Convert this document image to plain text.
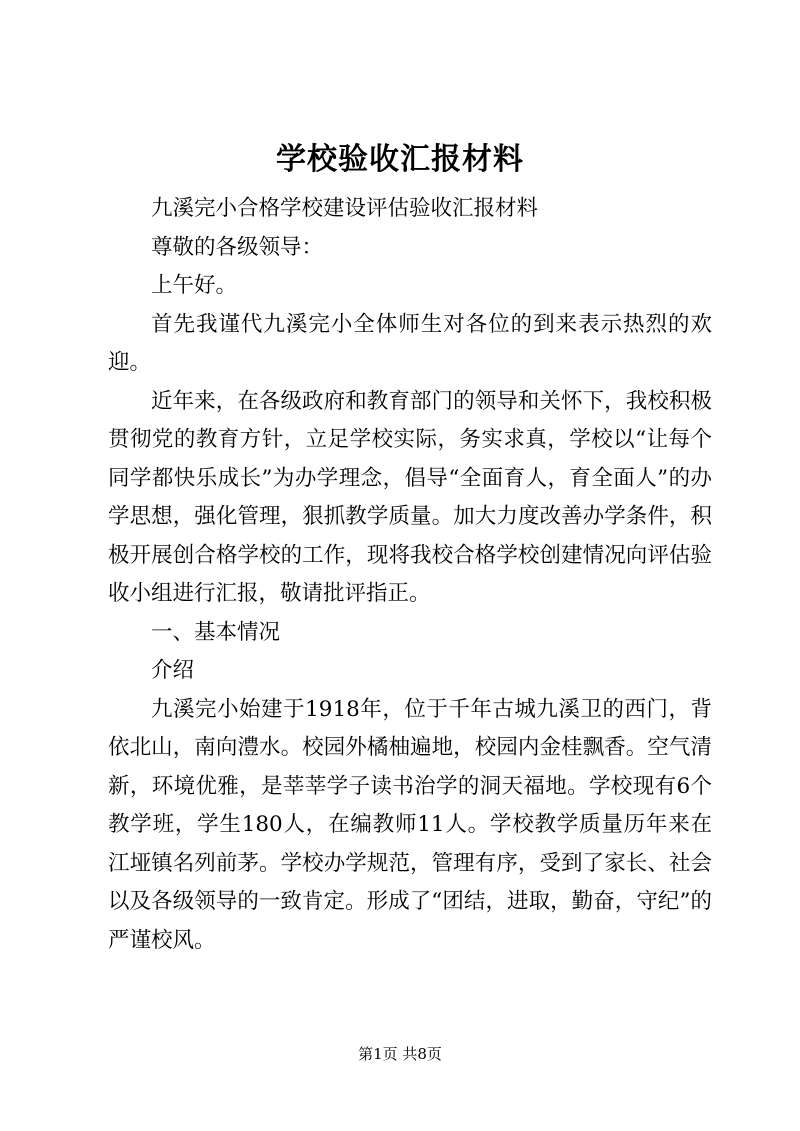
学校验收汇报材料

九溪完小合格学校建设评估验收汇报材料

尊敬的各级领导：

上午好。

首先我谨代九溪完小全体师生对各位的到来表示热烈的欢迎。

近年来，在各级政府和教育部门的领导和关怀下，我校积极贯彻党的教育方针，立足学校实际，务实求真，学校以“让每个同学都快乐成长”为办学理念，倡导“全面育人，育全面人”的办学思想，强化管理，狠抓教学质量。加大力度改善办学条件，积极开展创合格学校的工作，现将我校合格学校创建情况向评估验收小组进行汇报，敬请批评指正。

一、基本情况

介绍

九溪完小始建于1918年，位于千年古城九溪卫的西门，背依北山，南向澧水。校园外橘柚遍地，校园内金桂飘香。空气清新，环境优雅，是莘莘学子读书治学的洞天福地。学校现有6个教学班，学生180人，在编教师11人。学校教学质量历年来在江垭镇名列前茅。学校办学规范，管理有序，受到了家长、社会以及各级领导的一致肯定。形成了“团结，进取，勤奋，守纪”的严谨校风。

第1页 共8页
